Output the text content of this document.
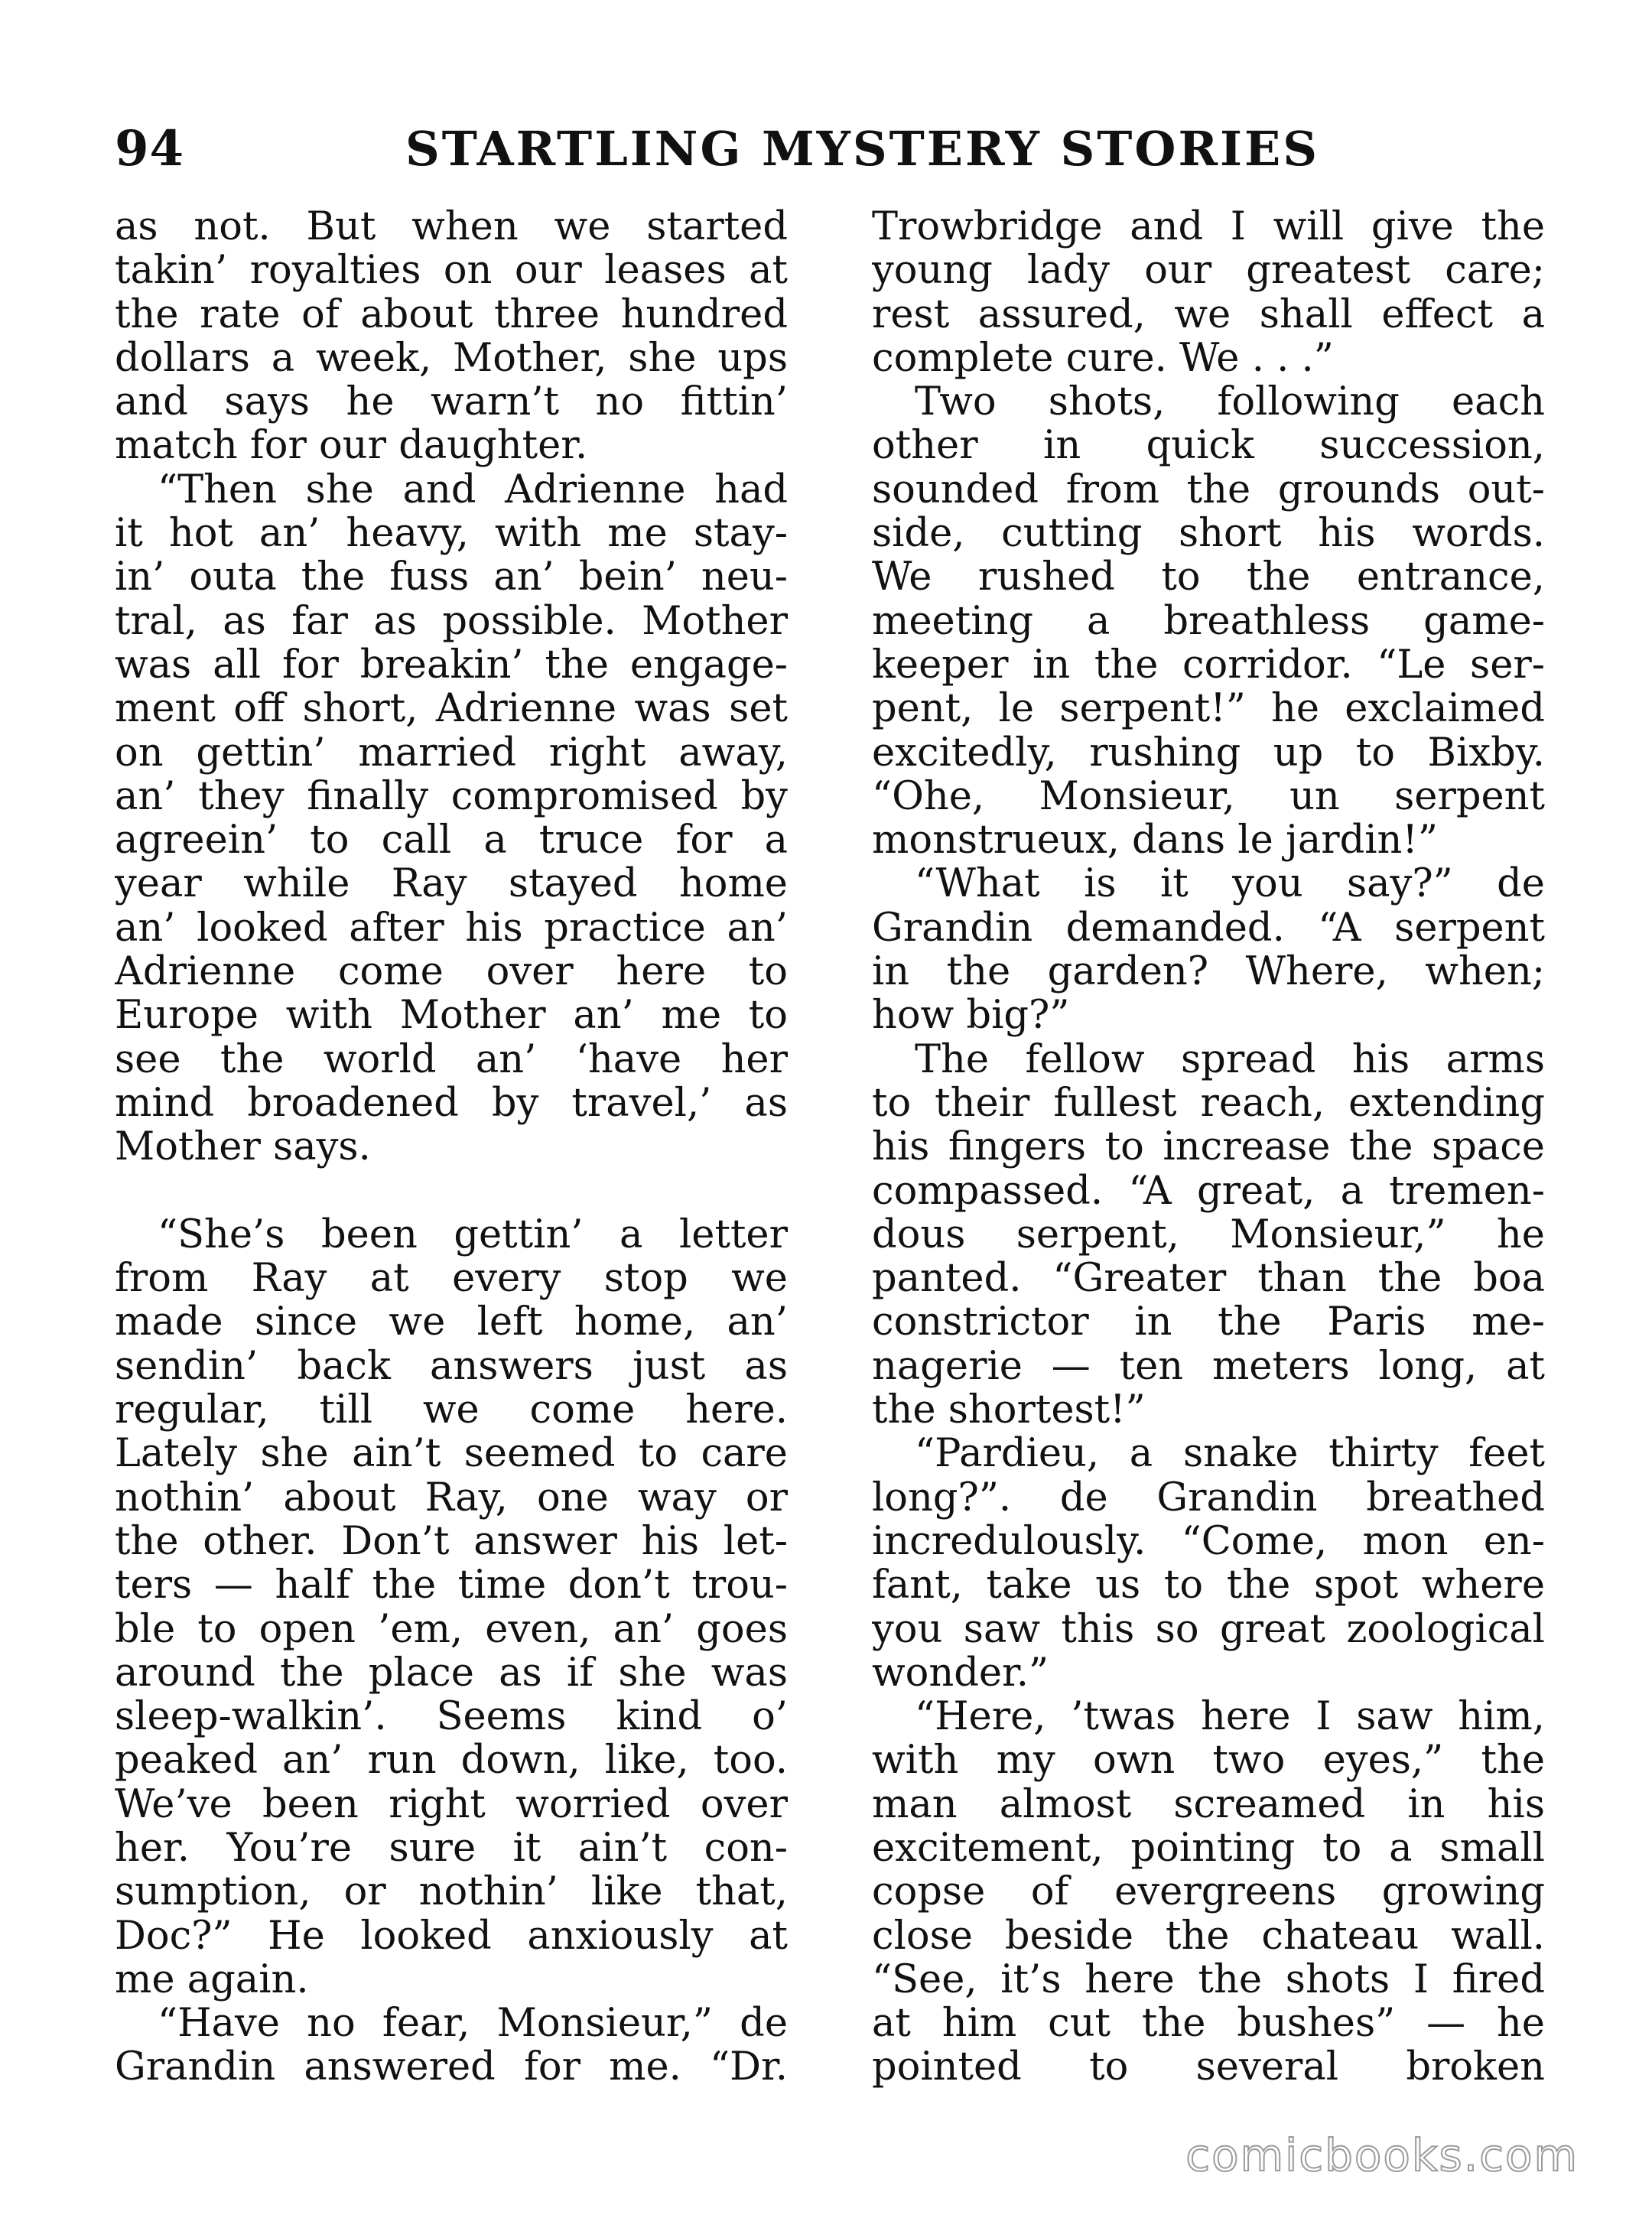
94	STARTLING MYSTERY STORIES
as not. But when we started
takin’ royalties on our leases at
the rate of about three hundred
dollars a week, Mother, she ups
and says he warn’t no fittin’
match for our daughter.
“Then she and Adrienne had
it hot an’ heavy, with me stay-
in’ outa the fuss an’ bein’ neu-
tral, as far as possible. Mother
was all for breakin’ the engage-
ment off short, Adrienne was set
on gettin’ married right away,
an’ they finally compromised by
agreein’ to call a truce for a
year while Ray stayed home
an’ looked after his practice an’
Adrienne come over here to
Europe with Mother an’ me to
see the world an’ ‘have her
mind broadened by travel,’ as
Mother says.
“She’s been gettin’ a letter
from Ray at every stop we
made since we left home, an’
sendin’ back answers just as
regular, till we come here.
Lately she ain’t seemed to care
nothin’ about Ray, one way or
the other. Don’t answer his let-
ters — half the time don’t trou-
ble to open ’em, even, an’ goes
around the place as if she was
sleep-walkin’. Seems kind o’
peaked an’ run down, like, too.
We’ve been right worried over
her. You’re sure it ain’t con-
sumption, or nothin’ like that,
Doc?” He looked anxiously at
me again.
“Have no fear, Monsieur,” de
Grandin answered for me. “Dr.
Trowbridge and I will give the
young lady our greatest care;
rest assured, we shall effect a
complete cure. We . . .”
Two shots, following each
other in quick succession,
sounded from the grounds out-
side, cutting short his words.
We rushed to the entrance,
meeting a breathless game-
keeper in the corridor. “Le ser-
pent, le serpent!” he exclaimed
excitedly, rushing up to Bixby.
“Ohe, Monsieur, un serpent
monstrueux, dans le jardin!”
“What is it you say?” de
Grandin demanded. “A serpent
in the garden? Where, when;
how big?”
The fellow spread his arms
to their fullest reach, extending
his fingers to increase the space
compassed. “A great, a tremen-
dous serpent, Monsieur,” he
panted. “Greater than the boa
constrictor in the Paris me-
nagerie — ten meters long, at
the shortest!”
“Pardieu, a snake thirty feet
long?”. de Grandin breathed
incredulously. “Come, mon en-
fant, take us to the spot where
you saw this so great zoological
wonder.”
“Here, ’twas here I saw him,
with my own two eyes,” the
man almost screamed in his
excitement, pointing to a small
copse of evergreens growing
close beside the chateau wall.
“See, it’s here the shots I fired
at him cut the bushes” — he
pointed to several broken
comicbooks.com
